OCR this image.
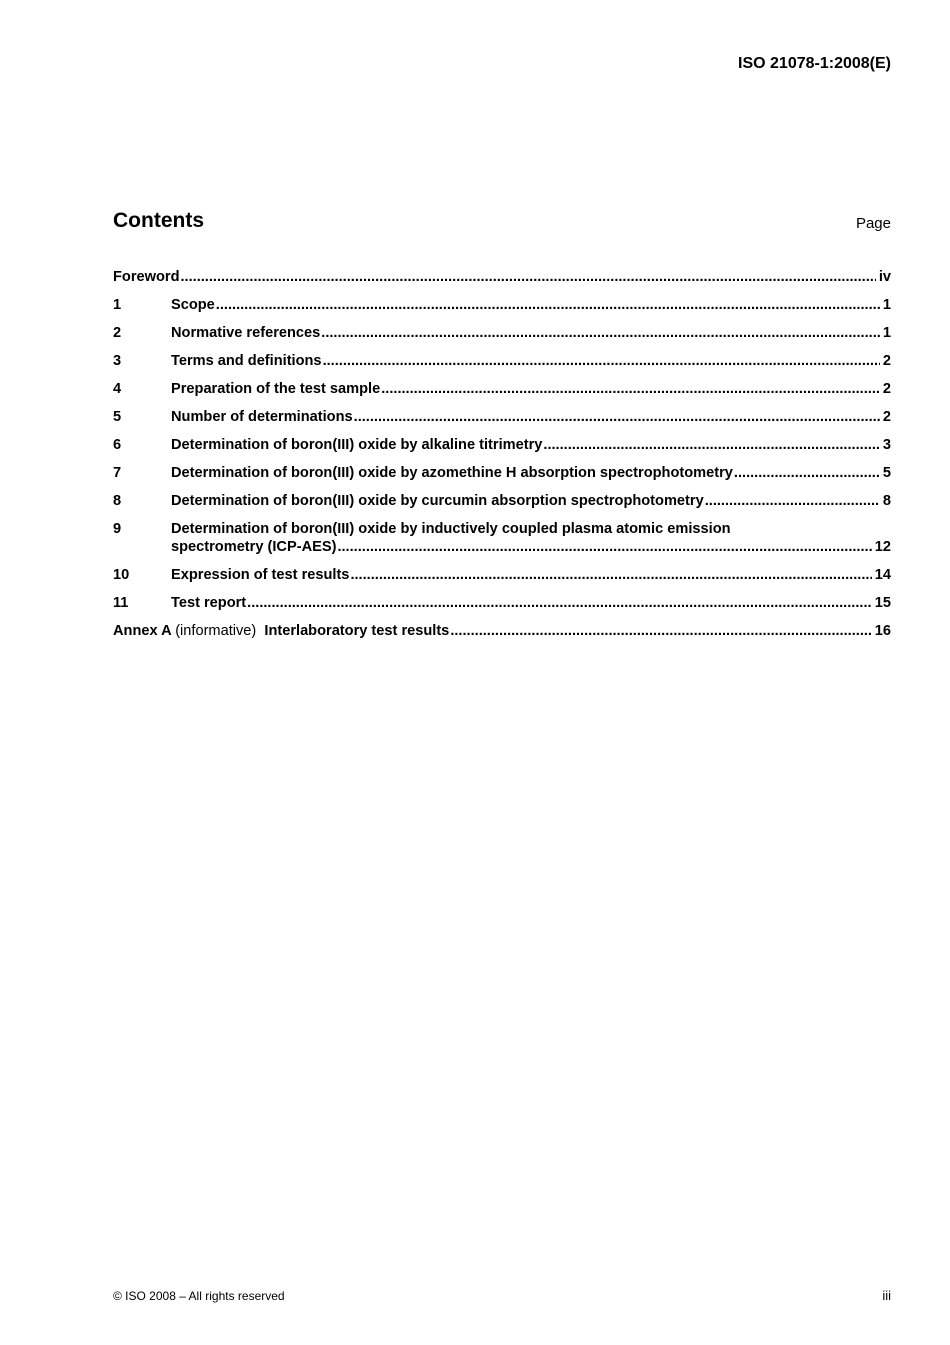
ISO 21078-1:2008(E)
Contents	Page
Foreword .....	iv
1	Scope .....	1
2	Normative references .....	1
3	Terms and definitions .....	2
4	Preparation of the test sample .....	2
5	Number of determinations .....	2
6	Determination of boron(III) oxide by alkaline titrimetry .....	3
7	Determination of boron(III) oxide by azomethine H absorption spectrophotometry .....	5
8	Determination of boron(III) oxide by curcumin absorption spectrophotometry .....	8
9	Determination of boron(III) oxide by inductively coupled plasma atomic emission
spectrometry (ICP-AES) .....	12
10	Expression of test results .....	14
11	Test report .....	15
Annex A (informative) Interlaboratory test results .....	16
© ISO 2008 – All rights reserved	iii
